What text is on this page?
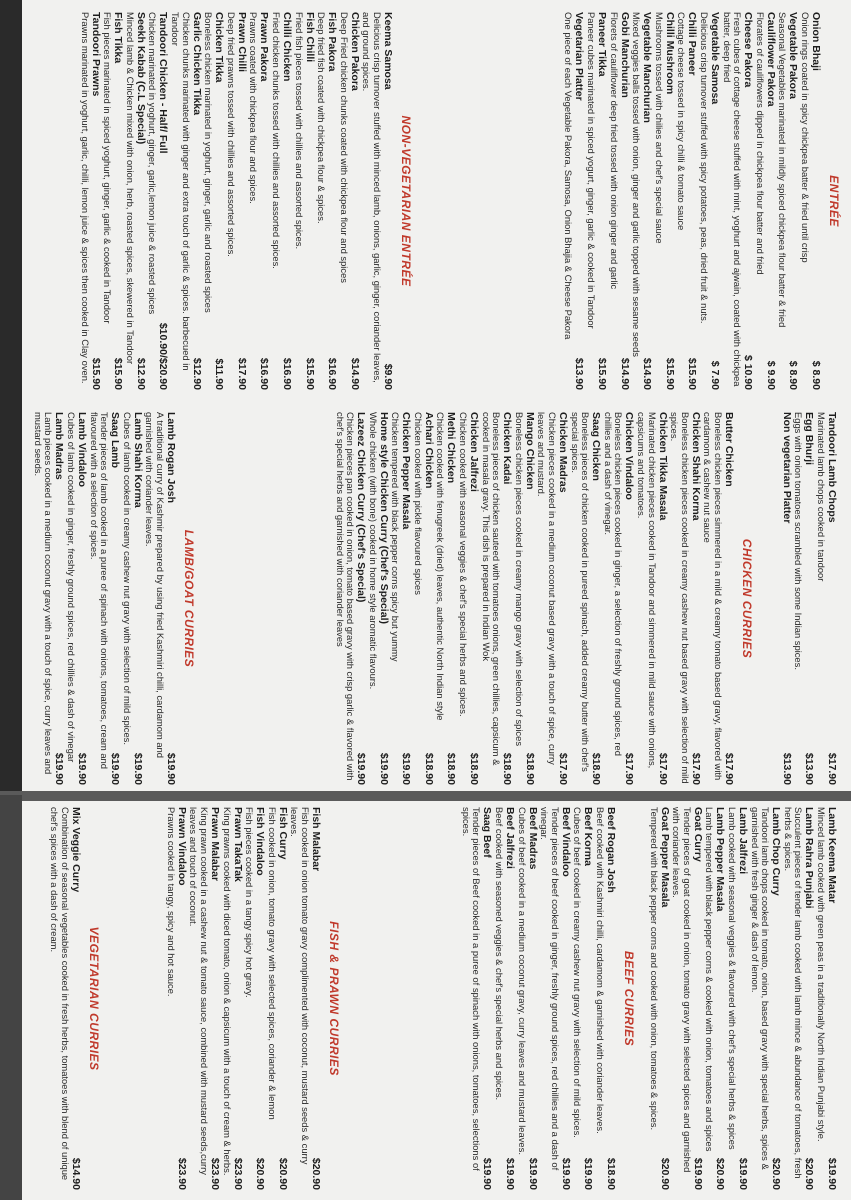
ENTRÉE
Onion Bhaji
$ 8.90
Onion rings coated in spicy chickpea batter & fried until crisp
Vegetable Pakora
$ 8.90
Seasonal Vegetables marinated in mildly spiced chickpea flour batter & fried
Cauliflower Pakora
$ 9.90
Florates of cauliflowers dipped in chickpea flour batter and fried
Cheese Pakora
$ 10.90
Fresh cubes of cottage cheese stuffed with mint, yoghurt and ajwain, coated with chickpea batter, deep fried
Vegetable Samosa
$ 7.90
Delicious crisp turnover stuffed with spicy potatoes, peas, dried fruit & nuts.
Chilli Paneer
$15.90
Cottage cheese tossed in spicy chilli & tomato sauce
Chilli Mushroom
$15.90
Mushrooms tossed with chilies and chef's special sauce
Vegetable Manchurian
$14.90
Mixed veggies balls tossed with onion, ginger and garlic topped with sesame seeds
Gobi Manchurian
$14.90
Florets of cauliflower deep fried tossed with onion ginger and garlic
Paneer Tikka
$15.90
Paneer cubes marinated in spiced yogurt, ginger, garlic & cooked in Tandoor
Vegetarian Platter
$13.90
One piece of each Vegetable Pakora, Samosa, Onion Bhajia & Cheese Pakora
NON-VEGETARIAN ENTRÉE
Keema Samosa
$9.90
Delicious crisp turnover stuffed with minced lamb, onions, garlic, ginger, coriander leaves, and ground spices.
Chicken Pakora
$14.90
Deep Fried chicken chunks coated with chickpea flour and spices
Fish Pakora
$16.90
Deep fried fish coated with chickpea flour & spices.
Fish Chilli
$15.90
Fried fish pieces tossed with chillies and assorted spices.
Chilli Chicken
$16.90
Fried chicken chunks tossed with chillies and assorted spices.
Prawn Pakora
$16.90
Prawns coated with chickpea flour and spices.
Prawn Chilli
$17.90
Deep fried prawns tossed with chillies and assorted spices.
Chicken Tikka
$11.90
Boneless chicken marinated in yoghurt, ginger, garlic and roasted spices
Garlic Chicken Tikka
$12.90
Chicken chunks marinated with ginger and extra touch of garlic & spices. barbecued in Tandoor
Tandoori Chicken - Half/ Full
$10.90/$20.90
Chicken marinated in yoghurt, ginger, garlic,lemon juice & roasted spices
Seekh Kabab (C.L Special)
$12.90
Minced lamb & Chicken mixed with onion, herb, roasted spices, skewered in Tandoor
Fish Tikka
$15.90
Fish pieces marinated in spiced yoghurt, ginger, garlic & cooked in Tandoor
Tandoori Prawns
$15.90
Prawns marinated in yoghurt, garlic, chilli, lemon juice & spices then cooked in Clay oven.
Tandoori Lamb Chops
$17.90
Marinated lamb chops cooked in tandoor
Egg Bhurji
$13.90
Eggs with onion tomatoes scrambled with some Indian spices.
Non vegetarian Platter
$13.90
CHICKEN CURRIES
Butter Chicken
$17.90
Boneless chicken pieces simmered in a mild & creamy tomato based gravy, flavored with cardamom & cashew nut sauce
Chicken Shahi Korma
$17.90
Boneless chicken pieces cooked in creamy cashew nut based gravy with selection of mild spices.
Chicken Tikka Masala
$17.90
Marinated chicken pieces cooked in Tandoor and simmered in mild sauce with onions, capsicums and tomatoes.
Chicken Vindaloo
$17.90
Boneless chicken pieces cooked in ginger, a selection of freshly ground spices, red chillies and a dash of vinegar.
Saag Chicken
$18.90
Boneless pieces of chicken cooked in pureed spinach, added creamy butter with chef's special spices.
Chicken Madras
$17.90
Chicken pieces cooked in a medium coconut based gravy with a touch of spice, curry leaves and mustard.
Mango Chicken
$18.90
Boneless chicken pieces cooked in creamy mango gravy with selection of spices
Chicken Kadai
$18.90
Boneless pieces of chicken sauteed with tomatoes onions, green chillies, capsicum & cooked in masala gravy. This dish is prepared in Indian Wok
Chicken Jalfrezi
$18.90
Chicken cooked with seasonal veggies & chef's special herbs and spices.
Methi Chicken
$18.90
Chicken cooked with fenugreek (dried) leaves, authentic North Indian style
Achari Chicken
$18.90
Chicken cooked with pickle flavoured spices
Chicken Pepper Masala
$19.90
Chicken tempered with black pepper corns spicy but yummy
Home style Chicken Curry (Chef's Special)
$19.90
Whole chicken (with bone) cooked in home style aromatic flavours.
Lazeez Chicken Curry (Chef's Special)
$19.90
Chicken pieces pan cooked in onion, tomato based gravy with crisp garlic & flavored with chef's special herbs and garnished with coriander leaves
LAMB/GOAT CURRIES
Lamb Rogan Josh
$19.90
A traditional curry of Kashmir prepared by using fried Kashmiri chilli, cardamom and garnished with coriander leaves.
Lamb Shahi Korma
$19.90
Cubes of lamb cooked in creamy cashew nut gravy with selection of mild spices.
Saag Lamb
$19.90
Tender pieces of lamb cooked in a puree of spinach with onions, tomatoes, cream and flavoured with a selection of spices.
Lamb Vindaloo
$19.90
Cubes of lamb cooked in ginger, freshly ground spices, red chillies & dash of vinegar
Lamb Madras
$19.90
Lamb pieces cooked in a medium coconut gravy with a touch of spice, curry leaves and mustard seeds.
Lamb Keema Matar
$19.90
Minced lamb cooked with green peas in a traditionally North Indian Punjabi style.
Lamb Rahra Punjabi
$20.90
Succulent pieces of tender lamb cooked with lamb mince & abundance of tomatoes, fresh herbs & spices.
Lamb Chop Curry
$20.90
Tandoori lamb chops cooked in tomato, onion, based gravy with special herbs, spices & garnished with fresh ginger & dash of lemon.
Lamb Jalfrezi
$19.90
Lamb cooked with seasonal veggies & flavoured with chef's special herbs & spices
Lamb Pepper Masala
$20.90
Lamb tempered with black pepper corns & cooked with onion, tomatoes and spices
Goat Curry
$19.90
Tender pieces of goat cooked in onion, tomato gravy with selected spices and garnished with coriander leaves.
Goat Pepper Masala
$20.90
Tempered with black pepper corns and cooked with onion, tomatoes & spices.
BEEF CURRIES
Beef Rogan Josh
$18.90
Beef cooked with Kashmiri chilli, cardamom & garnished with coriander leaves.
Beef Korma
$19.90
Cubes of beef cooked in creamy cashew nut gravy with selection of mild spices.
Beef Vindaloo
$19.90
Tender pieces of beef cooked in ginger, freshly ground spices, red chillies and a dash of vinegar.
Beef Madras
$19.90
Cubes of beef cooked in a medium coconut gravy, curry leaves and mustard leaves.
Beef Jalfrezi
$19.90
Beef cooked with seasoned veggies & chef's special herbs and spices.
Saag Beef
$19.90
Tender pieces of Beef cooked in a puree of spinach with onions, tomatoes, selections of spices.
FISH & PRAWN CURRIES
Fish Malabar
$20.90
Fish cooked in onion tomato gravy complimented with coconut, mustard seeds & curry leaves.
Fish Curry
$20.90
Fish cooked in onion, tomato gravy with selected spices, coriander & lemon
Fish Vindaloo
$20.90
Fish pieces cooked in a tangy spicy hot gravy.
Prawn TakaTak
$23.90
King prawns cooked with diced tomato, onion & capsicum with a touch of cream & herbs.
Prawn Malabar
$23.90
King prawn cooked in a cashew nut & tomato sauce, combined with mustard seeds,curry leaves and touch of coconut.
Prawn Vindaloo
$23.90
Prawns cooked in tangy, spicy and hot sauce.
VEGETARIAN CURRIES
Mix Veggie Curry
$14.90
Combination of seasonal vegetables cooked in fresh herbs, tomatoes with blend of unique chef's spices with a dash of cream.
